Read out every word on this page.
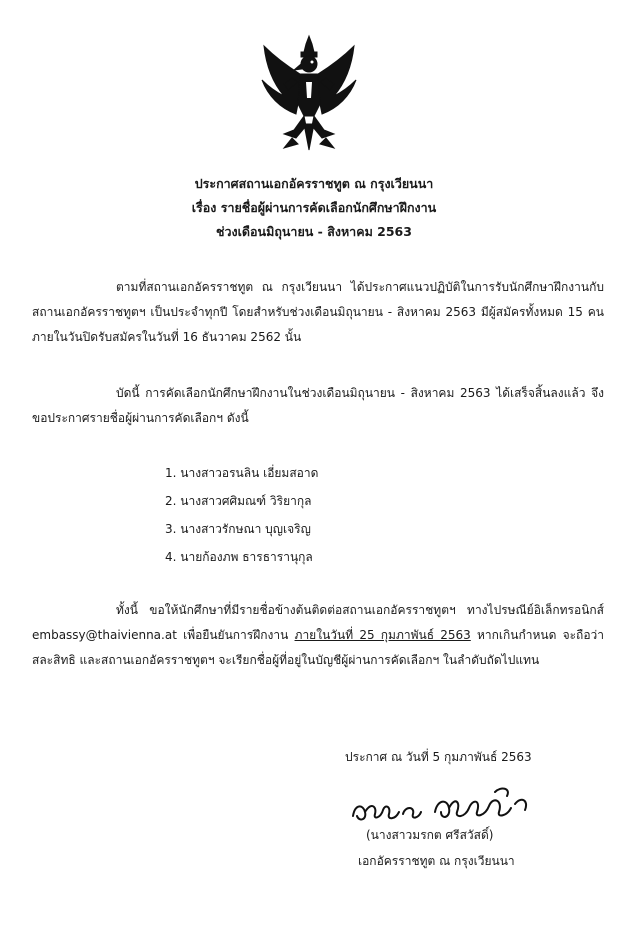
ประกาศสถานเอกอัครราชทูต ณ กรุงเวียนนา
เรื่อง รายชื่อผู้ผ่านการคัดเลือกนักศึกษาฝึกงาน
ช่วงเดือนมิถุนายน - สิงหาคม 2563
ตามที่สถานเอกอัครราชทูต ณ กรุงเวียนนา ได้ประกาศแนวปฏิบัติในการรับนักศึกษาฝึกงานกับสถานเอกอัครราชทูตฯ เป็นประจำทุกปี โดยสำหรับช่วงเดือนมิถุนายน - สิงหาคม 2563 มีผู้สมัครทั้งหมด 15 คน ภายในวันปิดรับสมัครในวันที่ 16 ธันวาคม 2562 นั้น
บัดนี้ การคัดเลือกนักศึกษาฝึกงานในช่วงเดือนมิถุนายน - สิงหาคม 2563 ได้เสร็จสิ้นลงแล้ว จึงขอประกาศรายชื่อผู้ผ่านการคัดเลือกฯ ดังนี้
1. นางสาวอรนลิน เอี่ยมสอาด
2. นางสาวศศิมณฑ์ วิริยากุล
3. นางสาวรักษณา บุญเจริญ
4. นายก้องภพ ธารธารานุกุล
ทั้งนี้ ขอให้นักศึกษาที่มีรายชื่อข้างต้นติดต่อสถานเอกอัครราชทูตฯ ทางไปรษณีย์อิเล็กทรอนิกส์ embassy@thaivienna.at เพื่อยืนยันการฝึกงาน ภายในวันที่ 25 กุมภาพันธ์ 2563 หากเกินกำหนด จะถือว่าสละสิทธิ และสถานเอกอัครราชทูตฯ จะเรียกชื่อผู้ที่อยู่ในบัญชีผู้ผ่านการคัดเลือกฯ ในลำดับถัดไปแทน
ประกาศ ณ วันที่ 5 กุมภาพันธ์ 2563
มรกต ศรีสวัสดิ์ (นางสาวมรกต ศรีสวัสดิ์)
เอกอัครราชทูต ณ กรุงเวียนนา
